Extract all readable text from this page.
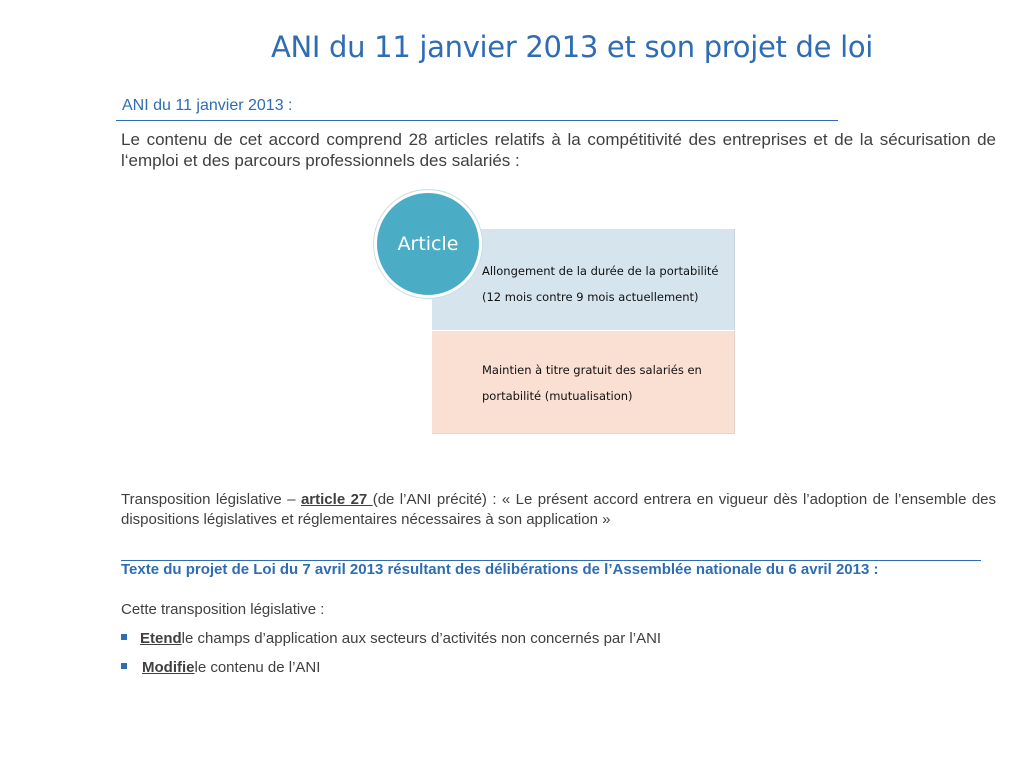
ANI du 11 janvier 2013 et son projet de loi
ANI du 11 janvier 2013 :
Le contenu de cet accord comprend 28 articles relatifs à la compétitivité des entreprises et de la sécurisation de l‘emploi et des parcours professionnels des salariés :
Allongement de la durée de la portabilité
(12 mois contre 9 mois actuellement)
Maintien à titre gratuit des salariés en
portabilité (mutualisation)
Article
Transposition législative – article 27 (de l’ANI précité) : « Le présent accord entrera en vigueur dès l’adoption de l’ensemble des dispositions législatives et réglementaires nécessaires à son application »
Texte du projet de Loi du 7 avril 2013 résultant des délibérations de l’Assemblée nationale du 6 avril 2013 :
Cette transposition législative :
Etend le champs d’application aux secteurs d’activités non concernés par l’ANI
Modifie le contenu de l’ANI
